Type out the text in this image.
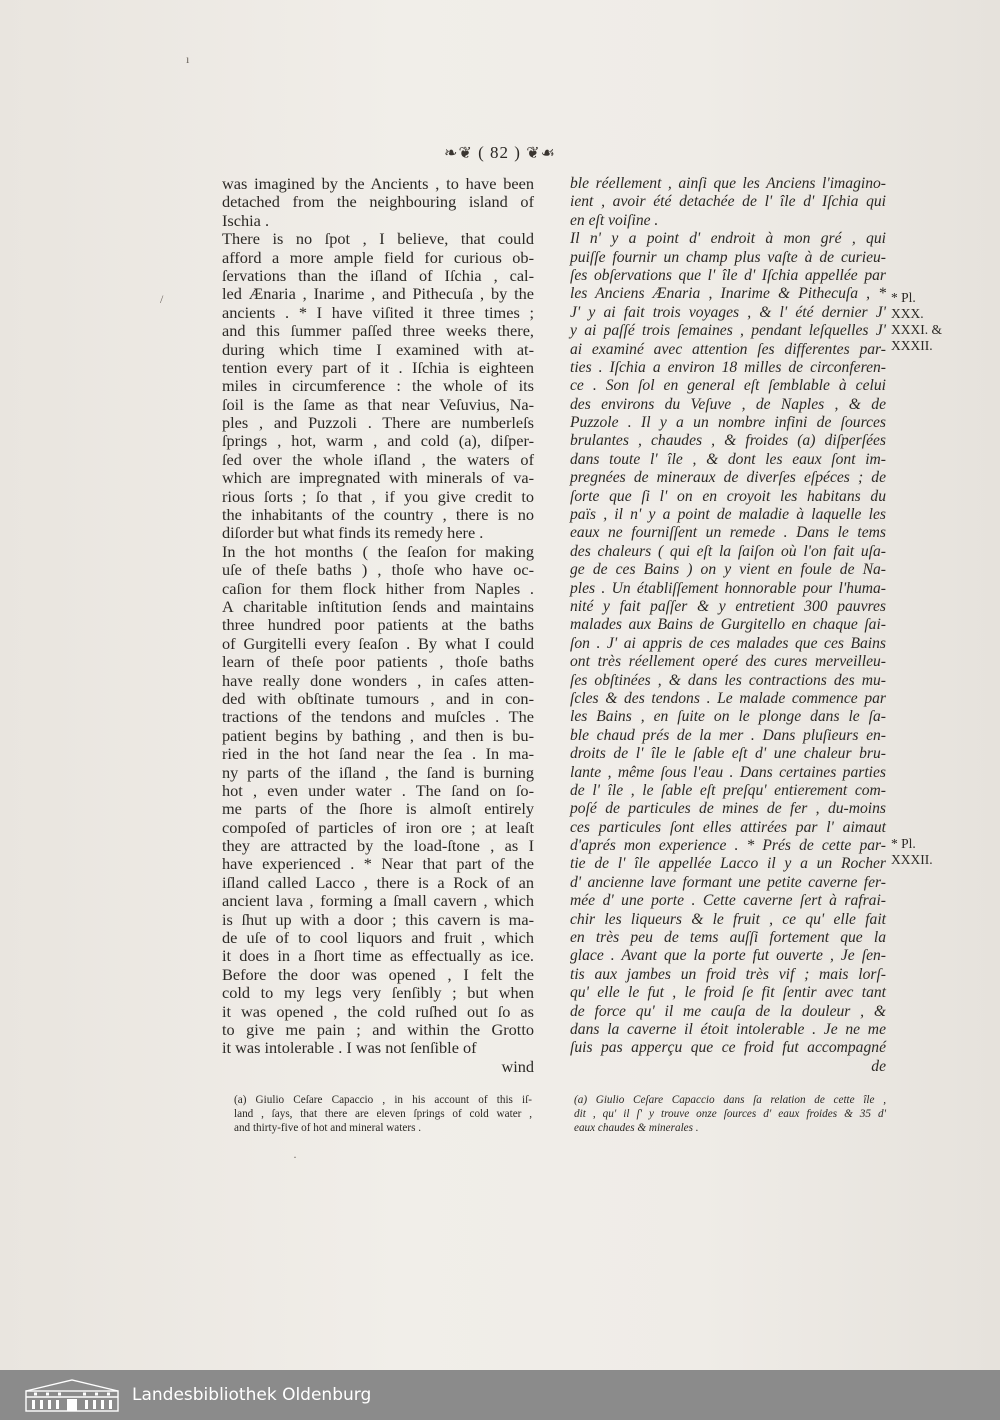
❧❦ ( 82 ) ❦☙
was imagined by the Ancients , to have been
detached from the neighbouring island of
Ischia .
There is no ſpot , I believe, that could
afford a more ample field for curious ob-
ſervations than the iſland of Iſchia , cal-
led Ænaria , Inarime , and Pithecuſa , by the
ancients . * I have viſited it three times ;
and this ſummer paſſed three weeks there,
during which time I examined with at-
tention every part of it . Iſchia is eighteen
miles in circumference : the whole of its
ſoil is the ſame as that near Veſuvius, Na-
ples , and Puzzoli . There are numberleſs
ſprings , hot, warm , and cold (a), diſper-
ſed over the whole iſland , the waters of
which are impregnated with minerals of va-
rious ſorts ; ſo that , if you give credit to
the inhabitants of the country , there is no
diſorder but what finds its remedy here .
In the hot months ( the ſeaſon for making
uſe of theſe baths ) , thoſe who have oc-
caſion for them flock hither from Naples .
A charitable inſtitution ſends and maintains
three hundred poor patients at the baths
of Gurgitelli every ſeaſon . By what I could
learn of theſe poor patients , thoſe baths
have really done wonders , in caſes atten-
ded with obſtinate tumours , and in con-
tractions of the tendons and muſcles . The
patient begins by bathing , and then is bu-
ried in the hot ſand near the ſea . In ma-
ny parts of the iſland , the ſand is burning
hot , even under water . The ſand on ſo-
me parts of the ſhore is almoſt entirely
compoſed of particles of iron ore ; at leaſt
they are attracted by the load-ſtone , as I
have experienced . * Near that part of the
iſland called Lacco , there is a Rock of an
ancient lava , forming a ſmall cavern , which
is ſhut up with a door ; this cavern is ma-
de uſe of to cool liquors and fruit , which
it does in a ſhort time as effectually as ice.
Before the door was opened , I felt the
cold to my legs very ſenſibly ; but when
it was opened , the cold ruſhed out ſo as
to give me pain ; and within the Grotto
it was intolerable . I was not ſenſible of
wind
ble réellement , ainſi que les Anciens l'imagino-
ient , avoir été detachée de l' île d' Iſchia qui
en eſt voiſine .
Il n' y a point d' endroit à mon gré , qui
puiſſe fournir un champ plus vaſte à de curieu-
ſes obſervations que l' île d' Iſchia appellée par
les Anciens Ænaria , Inarime & Pithecuſa , *
J' y ai fait trois voyages , & l' été dernier J'
y ai paſſé trois ſemaines , pendant leſquelles J'
ai examiné avec attention ſes differentes par-
ties . Iſchia a environ 18 milles de circonferen-
ce . Son ſol en general eſt ſemblable à celui
des environs du Veſuve , de Naples , & de
Puzzole . Il y a un nombre infini de ſources
brulantes , chaudes , & froides (a) diſperſées
dans toute l' île , & dont les eaux ſont im-
pregnées de mineraux de diverſes eſpéces ; de
ſorte que ſi l' on en croyoit les habitans du
païs , il n' y a point de maladie à laquelle les
eaux ne fourniſſent un remede . Dans le tems
des chaleurs ( qui eſt la ſaiſon où l'on fait uſa-
ge de ces Bains ) on y vient en foule de Na-
ples . Un établiſſement honnorable pour l'huma-
nité y fait paſſer & y entretient 300 pauvres
malades aux Bains de Gurgitello en chaque ſai-
ſon . J' ai appris de ces malades que ces Bains
ont très réellement operé des cures merveilleu-
ſes obſtinées , & dans les contractions des mu-
ſcles & des tendons . Le malade commence par
les Bains , en ſuite on le plonge dans le ſa-
ble chaud prés de la mer . Dans pluſieurs en-
droits de l' île le ſable eſt d' une chaleur bru-
lante , même ſous l'eau . Dans certaines parties
de l' île , le ſable eſt preſqu' entierement com-
poſé de particules de mines de fer , du-moins
ces particules ſont elles attirées par l' aimaut
d'aprés mon experience . * Prés de cette par-
tie de l' île appellée Lacco il y a un Rocher
d' ancienne lave formant une petite caverne fer-
mée d' une porte . Cette caverne ſert à rafrai-
chir les liqueurs & le fruit , ce qu' elle fait
en très peu de tems auſſi fortement que la
glace . Avant que la porte fut ouverte , Je ſen-
tis aux jambes un froid très vif ; mais lorſ-
qu' elle le fut , le froid ſe fit ſentir avec tant
de force qu' il me cauſa de la douleur , &
dans la caverne il étoit intolerable . Je ne me
ſuis pas apperçu que ce froid fut accompagné
de
* Pl.
XXX.
XXXI. &
XXXII.
* Pl.
XXXII.
(a) Giulio Ceſare Capaccio , in his account of this iſ-
land , ſays, that there are eleven ſprings of cold water ,
and thirty-five of hot and mineral waters .
(a) Giulio Ceſare Capaccio dans ſa relation de cette île ,
dit , qu' il ſ' y trouve onze ſources d' eaux froides & 35 d'
eaux chaudes & minerales .
ı
/
·
Landesbibliothek Oldenburg
